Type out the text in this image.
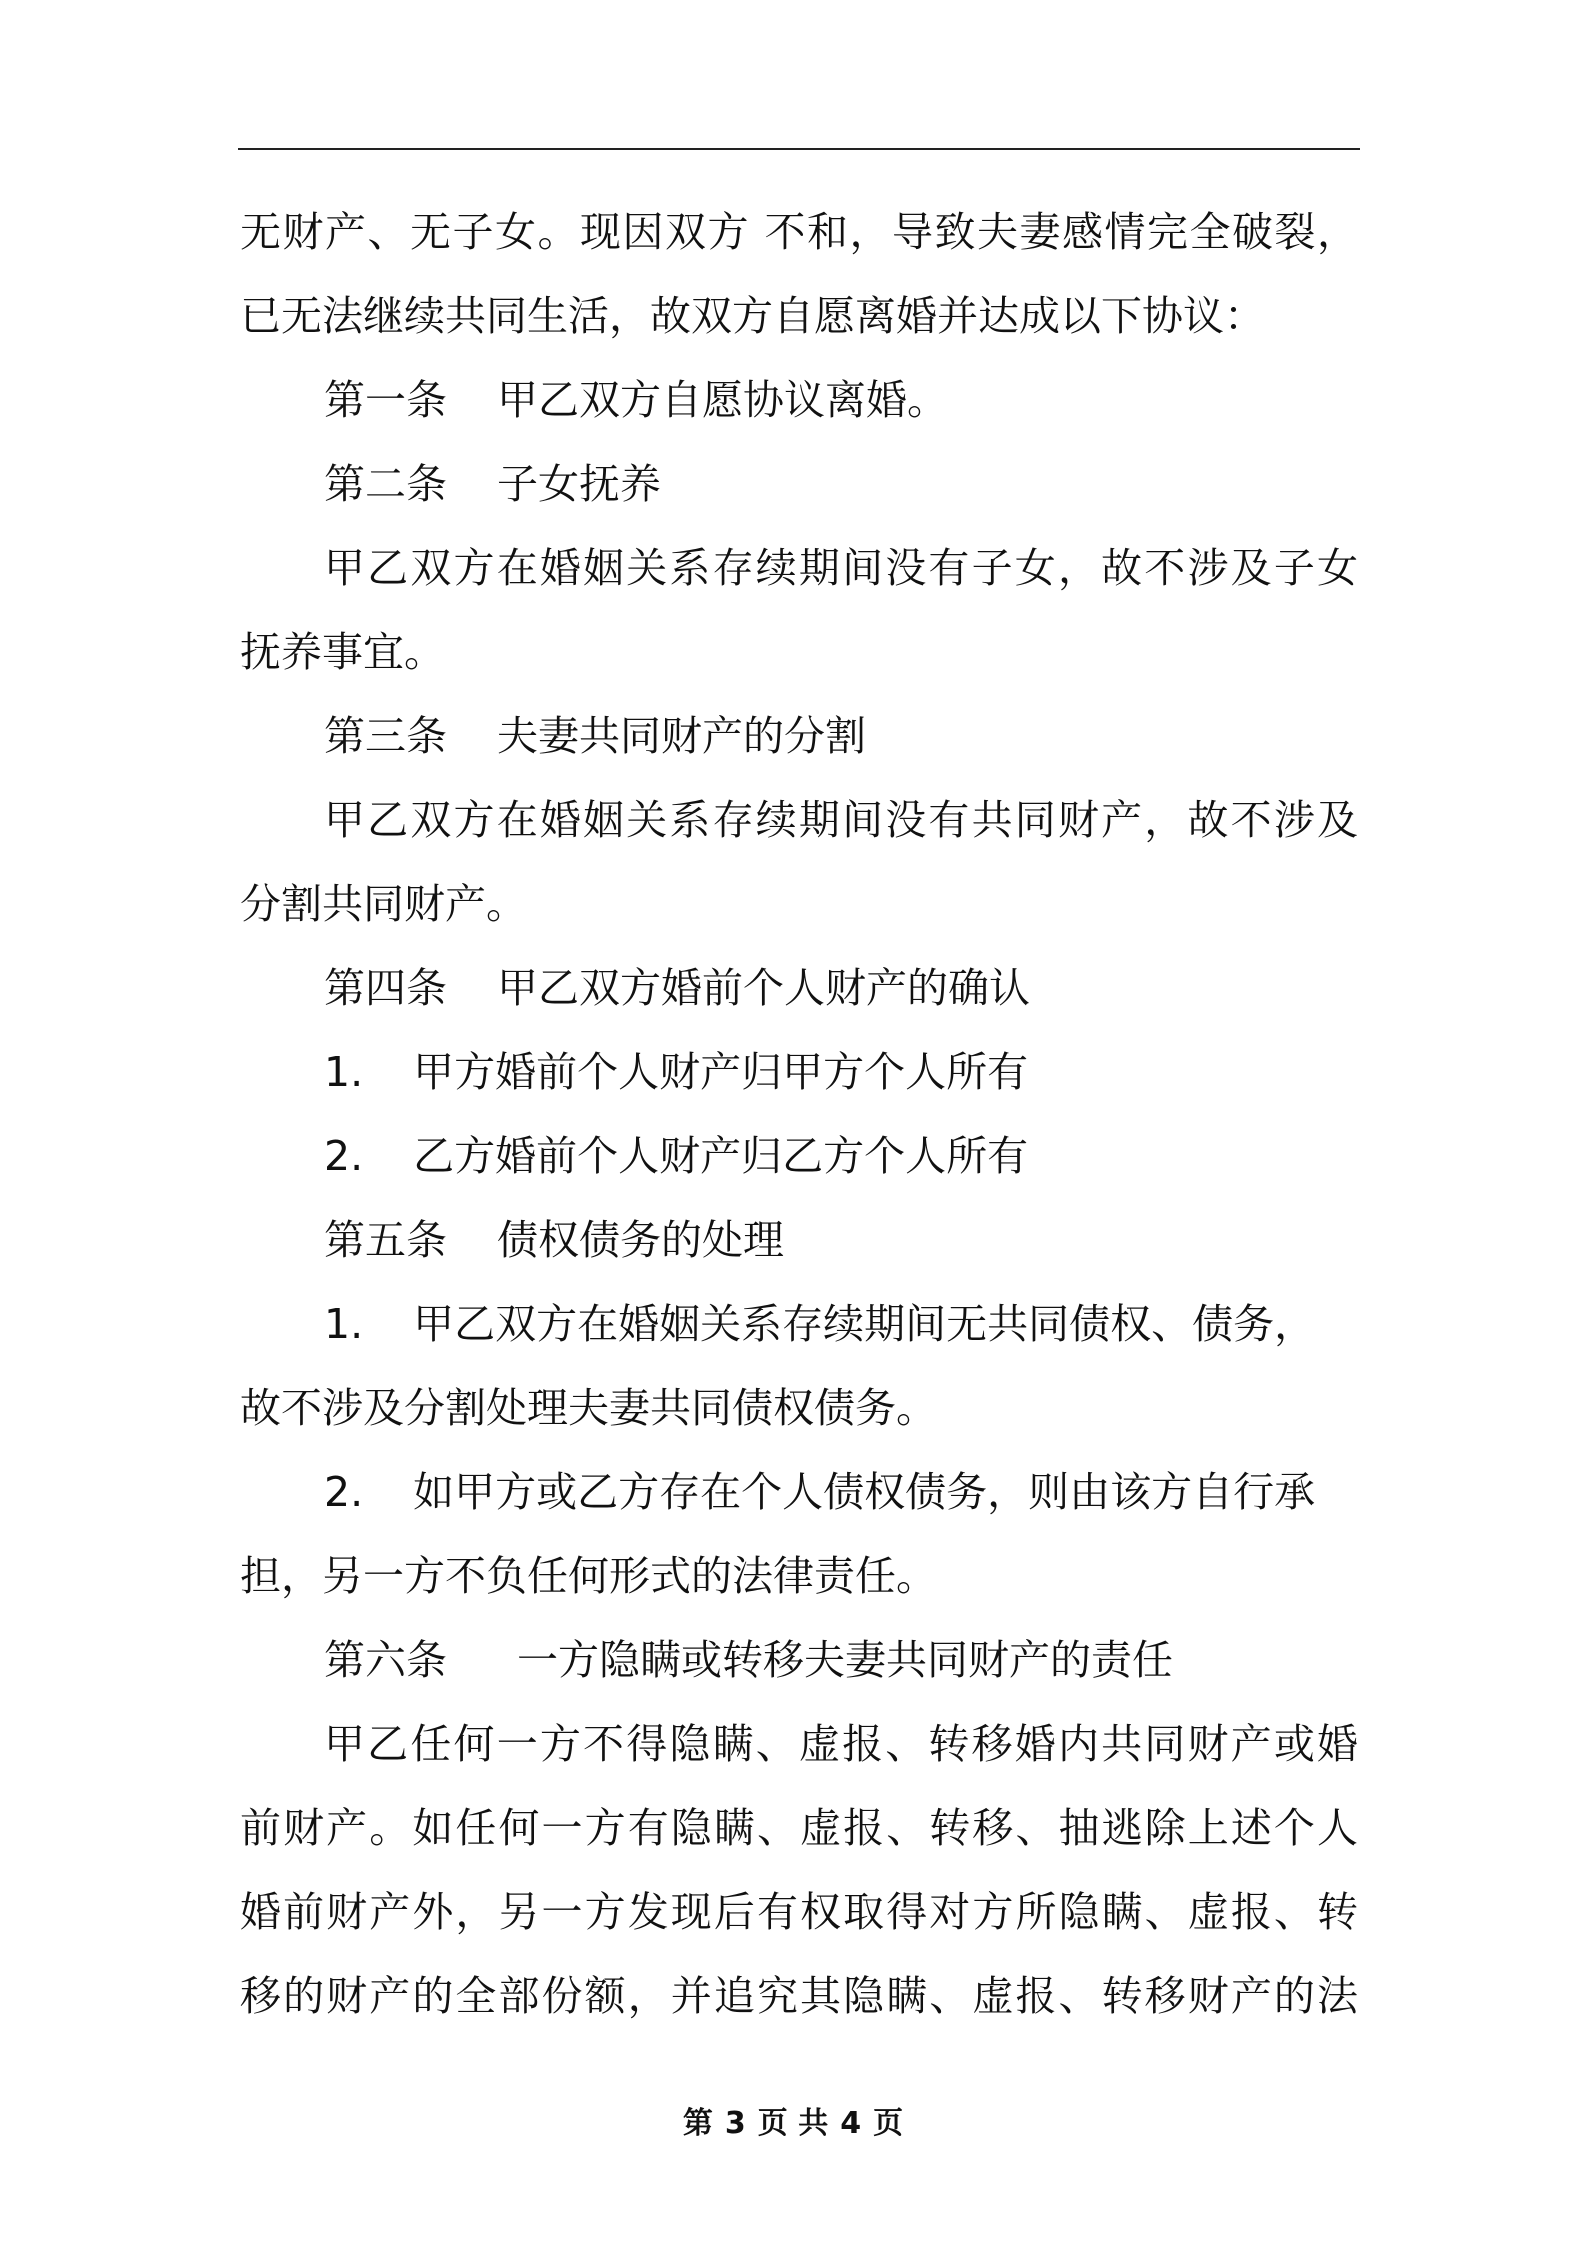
无财产、无子女。现因双方 不和，导致夫妻感情完全破裂，
已无法继续共同生活，故双方自愿离婚并达成以下协议：
第一条 甲乙双方自愿协议离婚。
第二条 子女抚养
甲乙双方在婚姻关系存续期间没有子女，故不涉及子女
抚养事宜。
第三条 夫妻共同财产的分割
甲乙双方在婚姻关系存续期间没有共同财产，故不涉及
分割共同财产。
第四条 甲乙双方婚前个人财产的确认
1. 甲方婚前个人财产归甲方个人所有
2. 乙方婚前个人财产归乙方个人所有
第五条 债权债务的处理
1. 甲乙双方在婚姻关系存续期间无共同债权、债务，
故不涉及分割处理夫妻共同债权债务。
2. 如甲方或乙方存在个人债权债务，则由该方自行承
担，另一方不负任何形式的法律责任。
第六条 一方隐瞒或转移夫妻共同财产的责任
甲乙任何一方不得隐瞒、虚报、转移婚内共同财产或婚
前财产。如任何一方有隐瞒、虚报、转移、抽逃除上述个人
婚前财产外，另一方发现后有权取得对方所隐瞒、虚报、转
移的财产的全部份额，并追究其隐瞒、虚报、转移财产的法
第 3 页 共 4 页
